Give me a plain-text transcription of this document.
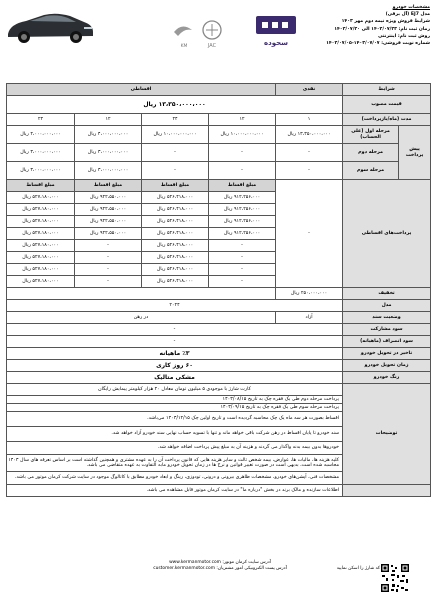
JAC
KM	سحوده
مشخصات خودرو
مدل EJ7 (آل بزقی)
شرایط فروش ویژه نیمه دوم مهر ۱۴۰۳
زمان ثبت نام: ۱۴۰۳/۰۷/۲۳ الی ۱۴۰۳/۰۷/۳۰
روش ثبت نام: اینترنتی
شماره نوبت فروشی: ۱۴۰۳/۰۷/۰۷-۱۴۰۳/۰۷/۰۵
شرایط		نقدی	اقساطی			
قیمت مصوب		۱۳،۳۵۰،۰۰۰،۰۰۰ ریال				
مدت (ماه/بازپرداخت)		۱	۱۲	۲۴	۱۲	۲۴
پیش پرداخت	مرحله اول (علی الحساب)	۱۳،۳۵۰،۰۰۰،۰۰۰ ریال	۱۰،۰۰۰،۰۰۰،۰۰۰ ریال	۱۰،۰۰۰،۰۰۰،۰۰۰ ریال	۴،۰۰۰،۰۰۰،۰۰۰ ریال	۴،۰۰۰،۰۰۰،۰۰۰ ریال
	مرحله دوم	-	-	-	۳،۰۰۰،۰۰۰،۰۰۰ ریال	۳،۰۰۰،۰۰۰،۰۰۰ ریال
	مرحله سوم	-	-	-	۳،۰۰۰،۰۰۰،۰۰۰ ریال	۳،۰۰۰،۰۰۰،۰۰۰ ریال
پرداخت‌های اقساطی		-	مبلغ اقساط	مبلغ اقساط	مبلغ اقساط	مبلغ اقساط
			۹۱۲،۲۵۶،۰۰۰ ریال	۵۲۶،۴۱۸،۰۰۰ ریال	۹۲۲،۵۵۰،۰۰۰ ریال	۵۲۷،۱۸۰،۰۰۰ ریال
			۹۱۲،۲۵۶،۰۰۰ ریال	۵۲۶،۴۱۸،۰۰۰ ریال	۹۲۲،۵۵۰،۰۰۰ ریال	۵۲۷،۱۸۰،۰۰۰ ریال
			۹۱۲،۲۵۶،۰۰۰ ریال	۵۲۶،۴۱۸،۰۰۰ ریال	۹۲۲،۵۵۰،۰۰۰ ریال	۵۲۷،۱۸۰،۰۰۰ ریال
			۹۱۲،۲۵۶،۰۰۰ ریال	۵۲۶،۴۱۸،۰۰۰ ریال	۹۲۲،۵۵۰،۰۰۰ ریال	۵۲۷،۱۸۰،۰۰۰ ریال
			-	۵۲۶،۴۱۸،۰۰۰ ریال	-	۵۲۷،۱۸۰،۰۰۰ ریال
			-	۵۲۶،۴۱۸،۰۰۰ ریال	-	۵۲۷،۱۸۰،۰۰۰ ریال
			-	۵۲۶،۴۱۸،۰۰۰ ریال	-	۵۲۷،۱۸۰،۰۰۰ ریال
			-	۵۲۶،۴۱۸،۰۰۰ ریال	-	۵۲۷،۱۸۰،۰۰۰ ریال
تخفیف		۲۵۰،۰۰۰،۰۰۰ ریال				
مدل		۲۰۲۴				
وضعیت سند		آزاد	در رهن			
سود مشارکت		-				
سود انصراف (ماهیانه)		-				
تاخیر در تحویل خودرو		٪۳ ماهیانه				
زمان تحویل خودرو		۶۰ روز کاری				
رنگ خودرو		مشکی متالیک				
توضیحات		کارت شارژ با موجودی ۵ میلیون تومان معادل ۲۰ هزار کیلومتر پیمایش رایگان				
		پرداخت مرحله دوم طی یک فقره چک به تاریخ ۱۴۰۳/۰۸/۱۵				
		پرداخت مرحله سوم طی یک فقره چک به تاریخ ۱۴۰۳/۰۹/۱۵				
		اقساط بصورت هر سه ماه یک چک محاسبه گردیده است و تاریخ اولین چک ۱۴۰۳/۱۲/۱۵ می‌باشد.				
		سند خودرو تا پایان اقساط در رهن شرکت باقی خواهد ماند و تنها با تسویه حساب نهایی سند خودرو آزاد خواهد شد.				
		خودروها بدون بیمه بدنه واگذار می گردند و هزینه آن به مبلغ پیش پرداخت اضافه خواهد شد.				
		کلیه هزینه ها، مالیات ها، عوارض، بیمه شخص ثالث و سایر هزینه هایی که قانون پرداخت آن را به عهده مشتری و همچنین گذاشته است بر اساس تعرفه های سال ۱۴۰۳ محاسبه شده است، بدیهی است در صورت تغییر قوانین و نرخ ها در زمان تحویل خودرو مابه التفاوت به عهده متقاضی می باشد.				
		مشخصات فنی، آپشن‌های خودرو، مشخصات ظاهری بیرونی و درونی، تودوزی، رینگ و ابعاد خودرو مطابق با کاتالوگ موجود در سایت شرکت کرمان موتور می باشد.				
		اطلاعات سازنده و مالک برند در بخش "درباره ما" در سایت کرمان موتور قابل مشاهده می باشد.				
آدرس سایت کرمان موتور: www.kermanmotor.com
آدرس پست الکترونیکی امور مشتریان: customer.kermanmotor.com	کد شارژ را اسکن نمایید
